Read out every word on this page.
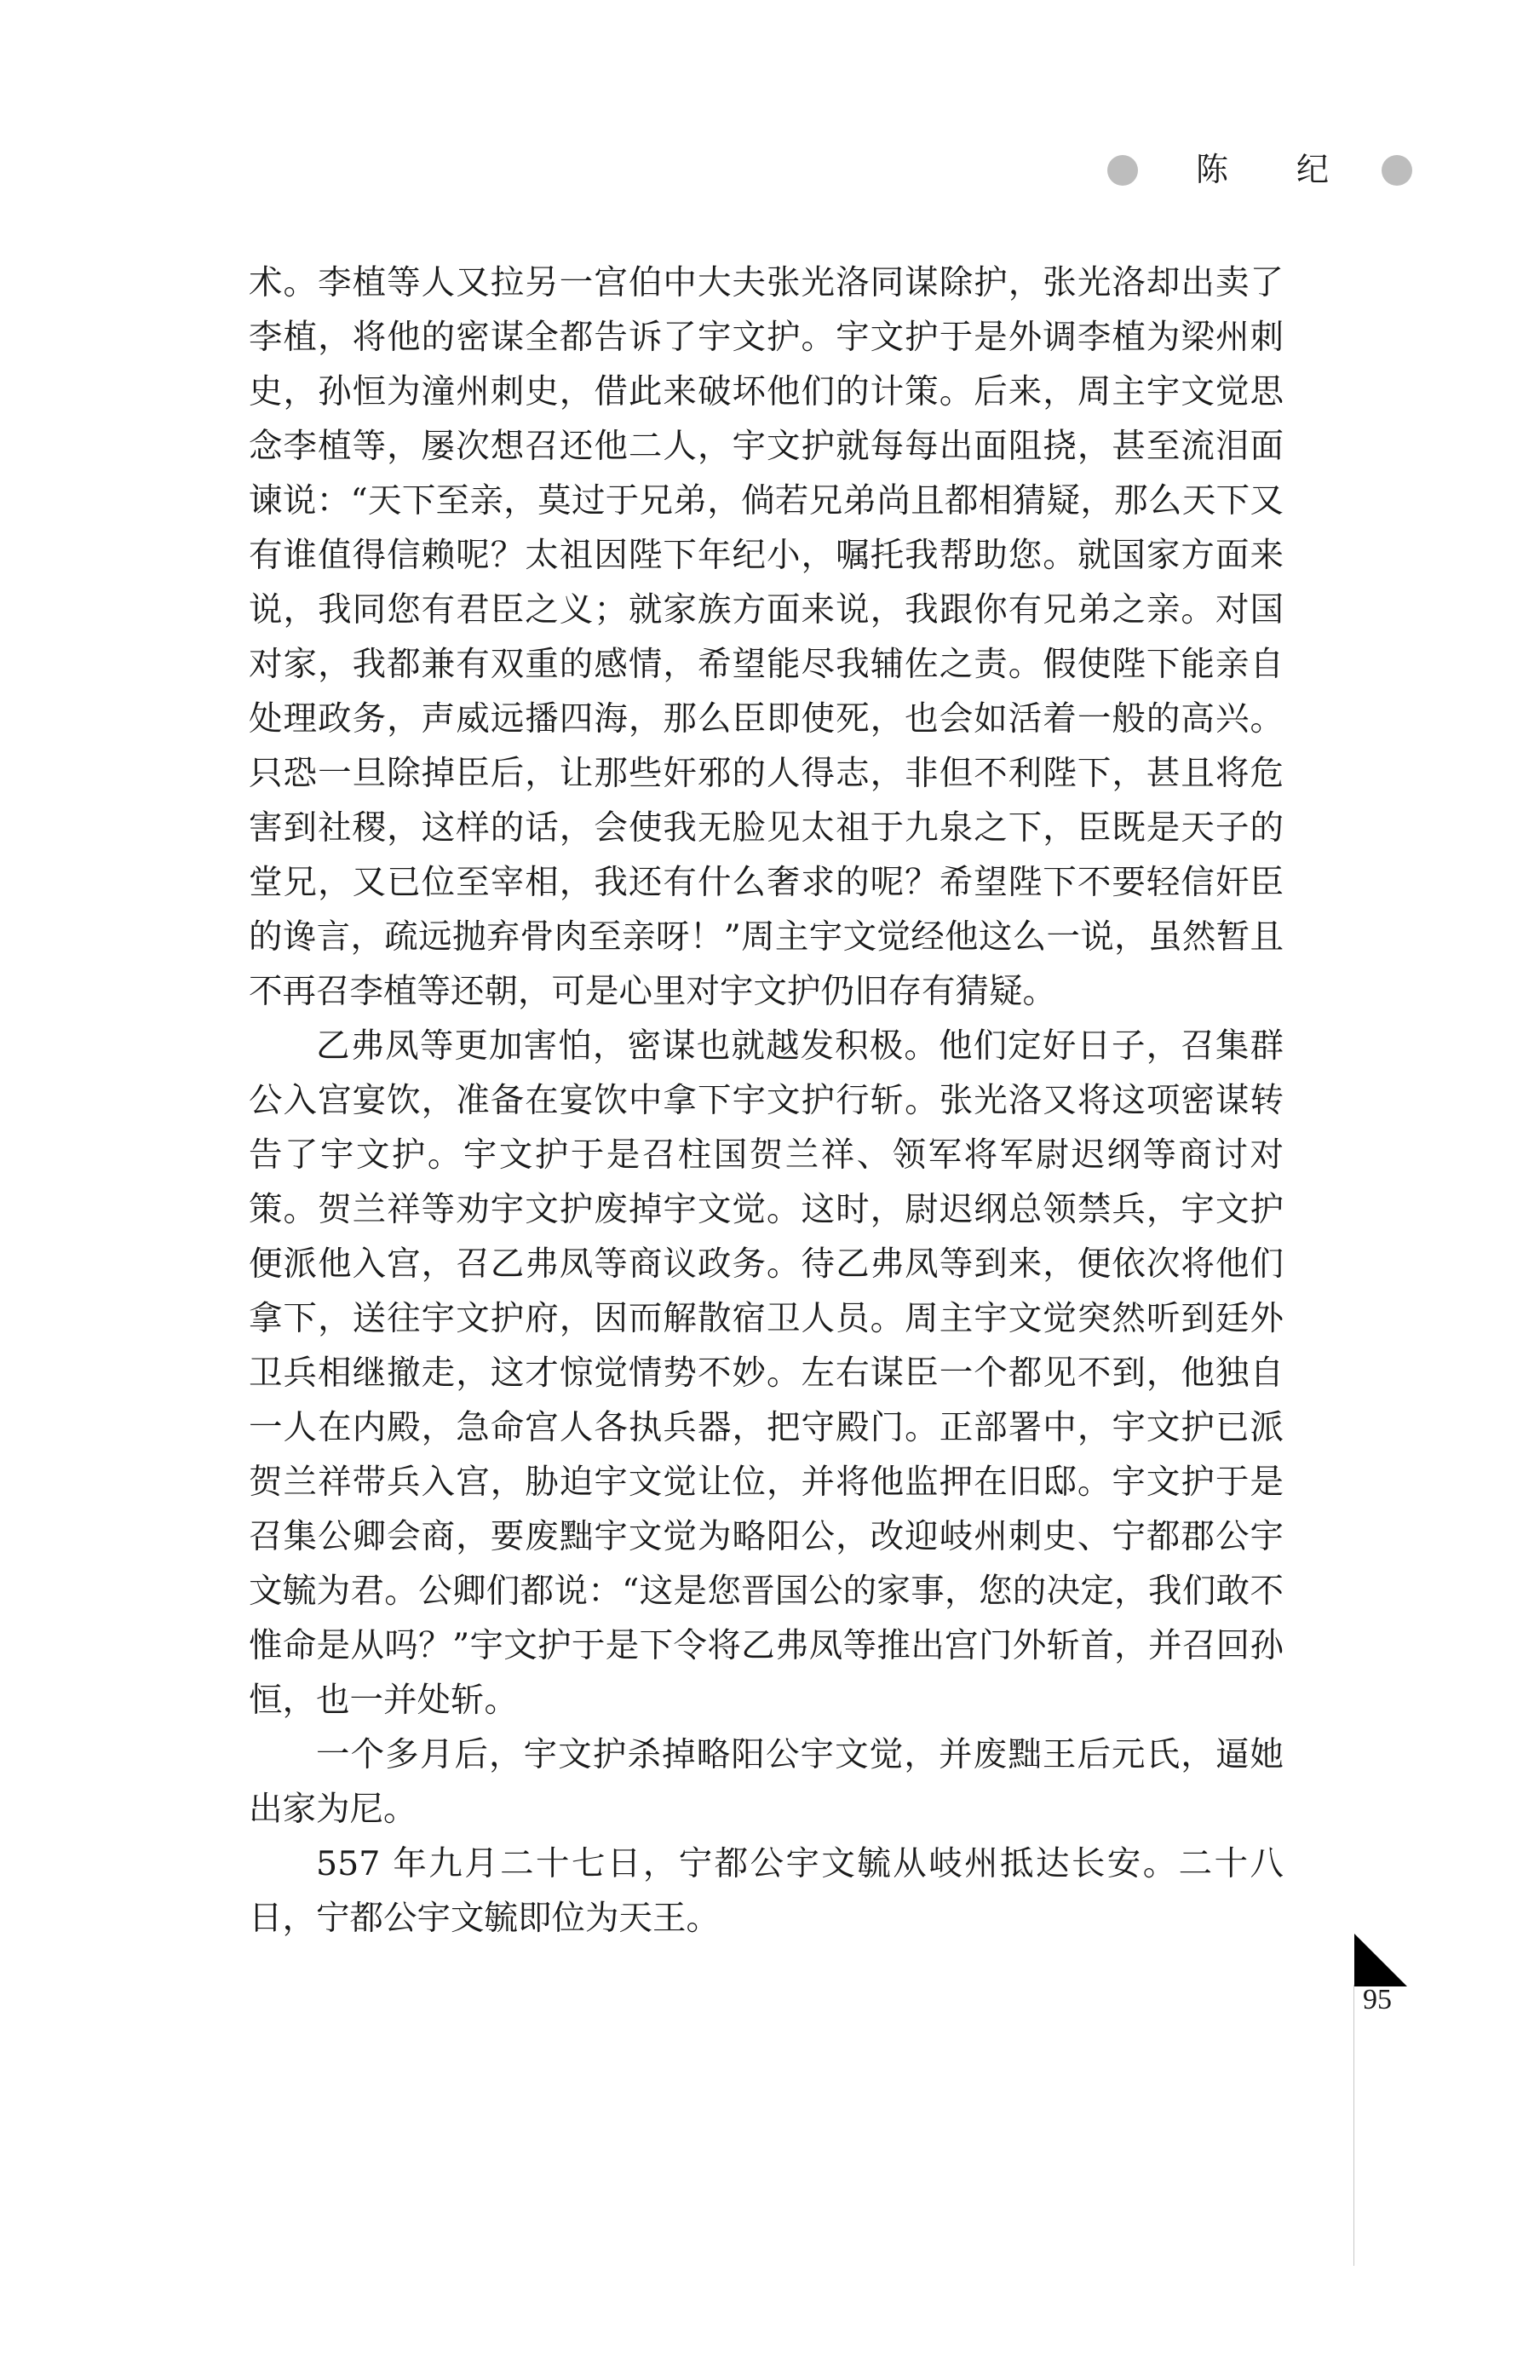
陈 纪

术。李植等人又拉另一宫伯中大夫张光洛同谋除护，张光洛却出卖了李植，将他的密谋全都告诉了宇文护。宇文护于是外调李植为梁州刺史，孙恒为潼州刺史，借此来破坏他们的计策。后来，周主宇文觉思念李植等，屡次想召还他二人，宇文护就每每出面阻挠，甚至流泪面谏说：“天下至亲，莫过于兄弟，倘若兄弟尚且都相猜疑，那么天下又有谁值得信赖呢？太祖因陛下年纪小，嘱托我帮助您。就国家方面来说，我同您有君臣之义；就家族方面来说，我跟你有兄弟之亲。对国对家，我都兼有双重的感情，希望能尽我辅佐之责。假使陛下能亲自处理政务，声威远播四海，那么臣即使死，也会如活着一般的高兴。只恐一旦除掉臣后，让那些奸邪的人得志，非但不利陛下，甚且将危害到社稷，这样的话，会使我无脸见太祖于九泉之下，臣既是天子的堂兄，又已位至宰相，我还有什么奢求的呢？希望陛下不要轻信奸臣的谗言，疏远抛弃骨肉至亲呀！”周主宇文觉经他这么一说，虽然暂且不再召李植等还朝，可是心里对宇文护仍旧存有猜疑。

乙弗凤等更加害怕，密谋也就越发积极。他们定好日子，召集群公入宫宴饮，准备在宴饮中拿下宇文护行斩。张光洛又将这项密谋转告了宇文护。宇文护于是召柱国贺兰祥、领军将军尉迟纲等商讨对策。贺兰祥等劝宇文护废掉宇文觉。这时，尉迟纲总领禁兵，宇文护便派他入宫，召乙弗凤等商议政务。待乙弗凤等到来，便依次将他们拿下，送往宇文护府，因而解散宿卫人员。周主宇文觉突然听到廷外卫兵相继撤走，这才惊觉情势不妙。左右谋臣一个都见不到，他独自一人在内殿，急命宫人各执兵器，把守殿门。正部署中，宇文护已派贺兰祥带兵入宫，胁迫宇文觉让位，并将他监押在旧邸。宇文护于是召集公卿会商，要废黜宇文觉为略阳公，改迎岐州刺史、宁都郡公宇文毓为君。公卿们都说：“这是您晋国公的家事，您的决定，我们敢不惟命是从吗？”宇文护于是下令将乙弗凤等推出宫门外斩首，并召回孙恒，也一并处斩。

一个多月后，宇文护杀掉略阳公宇文觉，并废黜王后元氏，逼她出家为尼。

557 年九月二十七日，宁都公宇文毓从岐州抵达长安。二十八日，宁都公宇文毓即位为天王。

95
